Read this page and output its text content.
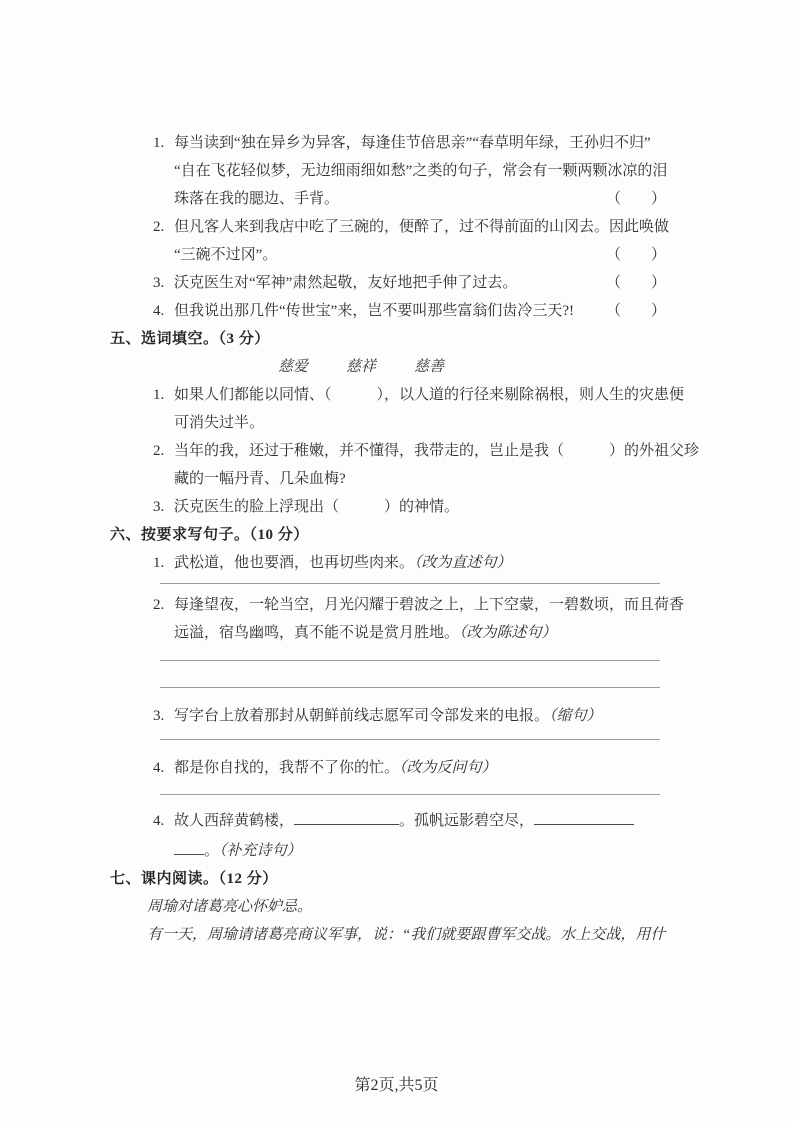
1. 每当读到“独在异乡为异客，每逢佳节倍思亲”“春草明年绿，王孙归不归”
“自在飞花轻似梦，无边细雨细如愁”之类的句子，常会有一颗两颗冰凉的泪
珠落在我的腮边、手背。	（　　）
2. 但凡客人来到我店中吃了三碗的，便醉了，过不得前面的山冈去。因此唤做
“三碗不过冈”。	（　　）
3. 沃克医生对“军神”肃然起敬，友好地把手伸了过去。	（　　）
4. 但我说出那几件“传世宝”来，岂不要叫那些富翁们齿冷三天?! （　　）
五、选词填空。（3 分）
慈爱	慈祥	慈善
1. 如果人们都能以同情、（　　　），以人道的行径来剔除祸根，则人生的灾患便
可消失过半。
2. 当年的我，还过于稚嫩，并不懂得，我带走的，岂止是我（　　　）的外祖父珍
藏的一幅丹青、几朵血梅?
3. 沃克医生的脸上浮现出（　　　）的神情。
六、按要求写句子。（10 分）
1. 武松道，他也要酒，也再切些肉来。（改为直述句）
2. 每逢望夜，一轮当空，月光闪耀于碧波之上，上下空蒙，一碧数顷，而且荷香
远溢，宿鸟幽鸣，真不能不说是赏月胜地。（改为陈述句）
3. 写字台上放着那封从朝鲜前线志愿军司令部发来的电报。（缩句）
4. 都是你自找的，我帮不了你的忙。（改为反问句）
4. 故人西辞黄鹤楼，	。孤帆远影碧空尽，
。（补充诗句）
七、课内阅读。（12 分）

周瑜对诸葛亮心怀妒忌。

有一天，周瑜请诸葛亮商议军事，说：“我们就要跟曹军交战。水上交战，用什

第2页,共5页
